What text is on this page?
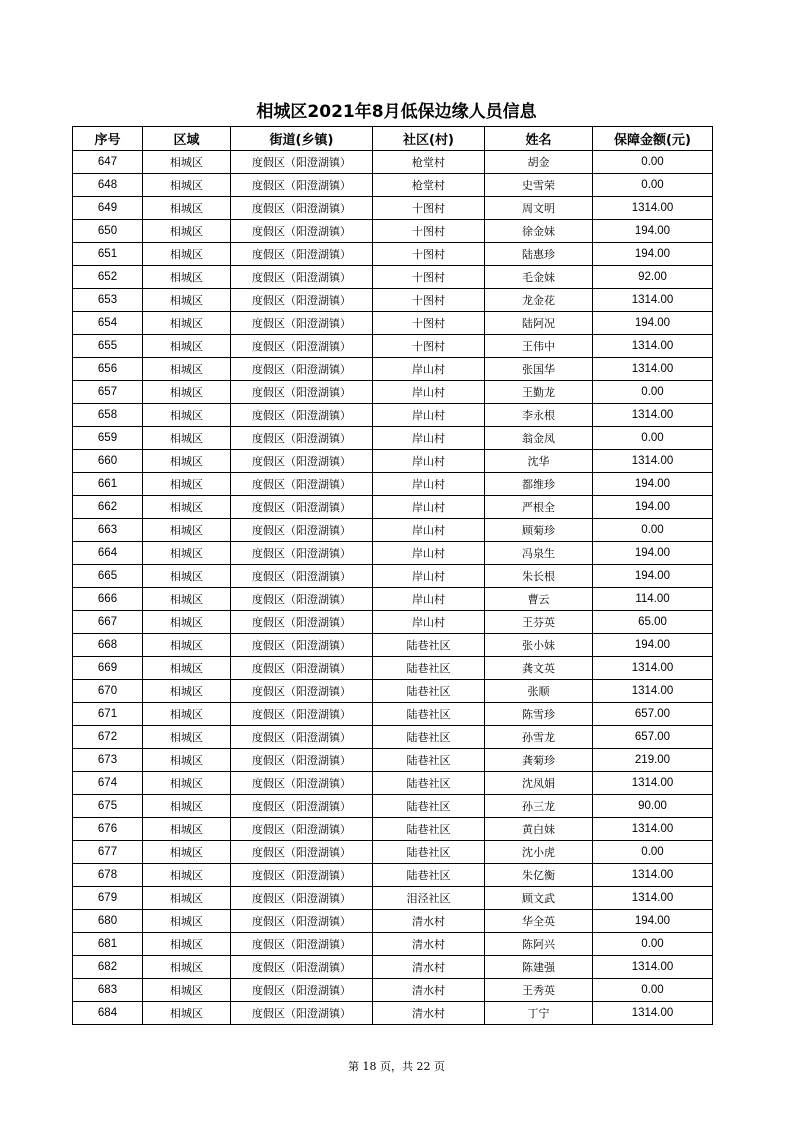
相城区2021年8月低保边缘人员信息
序号	区域	街道(乡镇)	社区(村)	姓名	保障金额(元)
647	相城区	度假区（阳澄湖镇）	枪堂村	胡金	0.00
648	相城区	度假区（阳澄湖镇）	枪堂村	史雪荣	0.00
649	相城区	度假区（阳澄湖镇）	十图村	周文明	1314.00
650	相城区	度假区（阳澄湖镇）	十图村	徐金妹	194.00
651	相城区	度假区（阳澄湖镇）	十图村	陆惠珍	194.00
652	相城区	度假区（阳澄湖镇）	十图村	毛金妹	92.00
653	相城区	度假区（阳澄湖镇）	十图村	龙金花	1314.00
654	相城区	度假区（阳澄湖镇）	十图村	陆阿况	194.00
655	相城区	度假区（阳澄湖镇）	十图村	王伟中	1314.00
656	相城区	度假区（阳澄湖镇）	岸山村	张国华	1314.00
657	相城区	度假区（阳澄湖镇）	岸山村	王勤龙	0.00
658	相城区	度假区（阳澄湖镇）	岸山村	李永根	1314.00
659	相城区	度假区（阳澄湖镇）	岸山村	翁金凤	0.00
660	相城区	度假区（阳澄湖镇）	岸山村	沈华	1314.00
661	相城区	度假区（阳澄湖镇）	岸山村	都维珍	194.00
662	相城区	度假区（阳澄湖镇）	岸山村	严根全	194.00
663	相城区	度假区（阳澄湖镇）	岸山村	顾菊珍	0.00
664	相城区	度假区（阳澄湖镇）	岸山村	冯泉生	194.00
665	相城区	度假区（阳澄湖镇）	岸山村	朱长根	194.00
666	相城区	度假区（阳澄湖镇）	岸山村	曹云	114.00
667	相城区	度假区（阳澄湖镇）	岸山村	王芬英	65.00
668	相城区	度假区（阳澄湖镇）	陆巷社区	张小妹	194.00
669	相城区	度假区（阳澄湖镇）	陆巷社区	龚文英	1314.00
670	相城区	度假区（阳澄湖镇）	陆巷社区	张顺	1314.00
671	相城区	度假区（阳澄湖镇）	陆巷社区	陈雪珍	657.00
672	相城区	度假区（阳澄湖镇）	陆巷社区	孙雪龙	657.00
673	相城区	度假区（阳澄湖镇）	陆巷社区	龚菊珍	219.00
674	相城区	度假区（阳澄湖镇）	陆巷社区	沈凤娟	1314.00
675	相城区	度假区（阳澄湖镇）	陆巷社区	孙三龙	90.00
676	相城区	度假区（阳澄湖镇）	陆巷社区	黄白妹	1314.00
677	相城区	度假区（阳澄湖镇）	陆巷社区	沈小虎	0.00
678	相城区	度假区（阳澄湖镇）	陆巷社区	朱亿衡	1314.00
679	相城区	度假区（阳澄湖镇）	泪泾社区	顾文武	1314.00
680	相城区	度假区（阳澄湖镇）	清水村	华全英	194.00
681	相城区	度假区（阳澄湖镇）	清水村	陈阿兴	0.00
682	相城区	度假区（阳澄湖镇）	清水村	陈建强	1314.00
683	相城区	度假区（阳澄湖镇）	清水村	王秀英	0.00
684	相城区	度假区（阳澄湖镇）	清水村	丁宁	1314.00
第 18 页，共 22 页
